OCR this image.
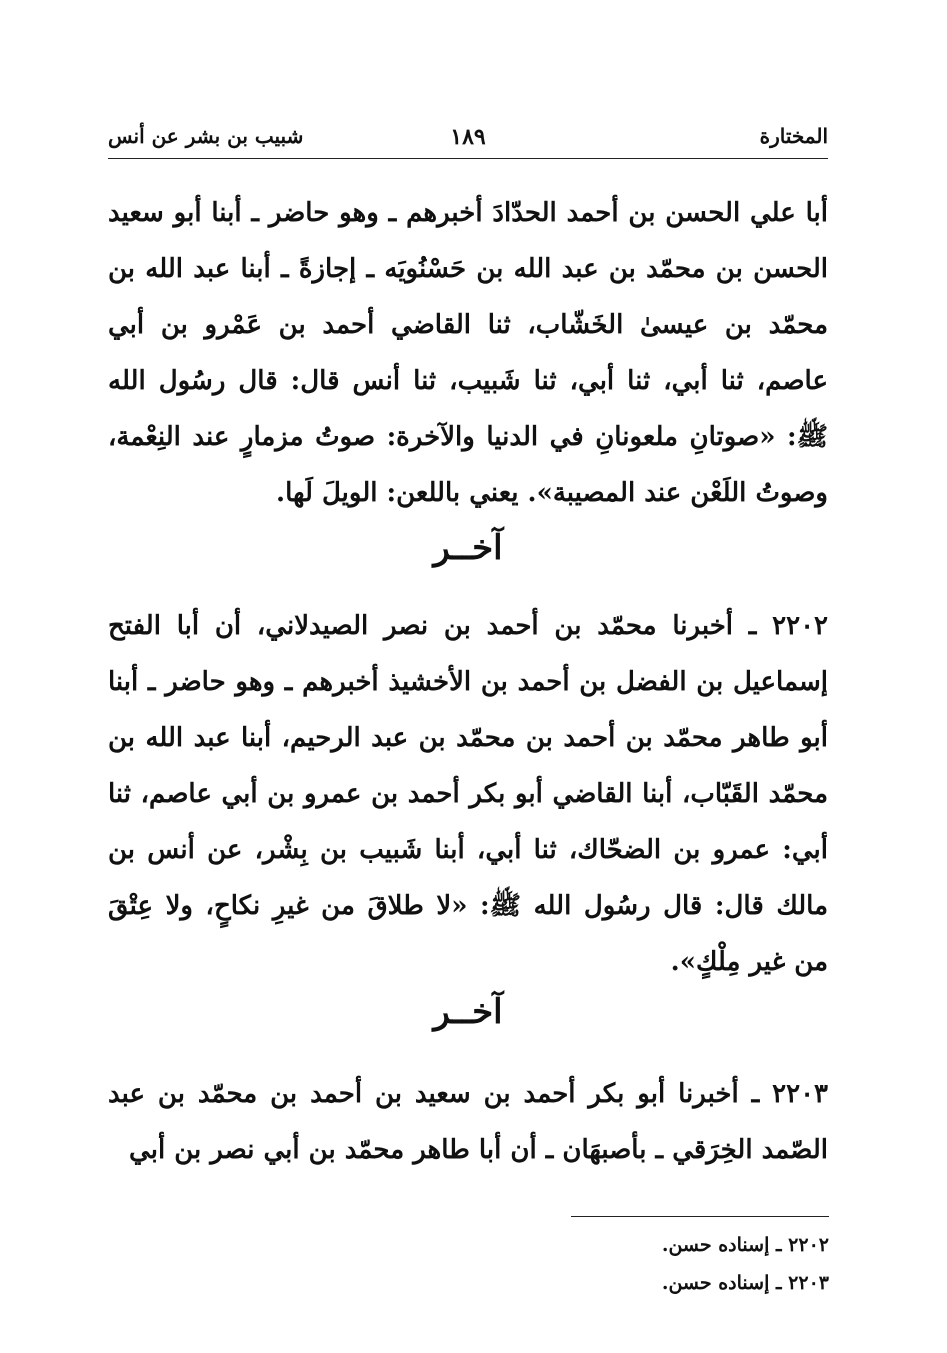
المختارة
١٨٩
شبيب بن بشر عن أنس
أبا علي الحسن بن أحمد الحدّادَ أخبرهم ـ وهو حاضر ـ أبنا أبو سعيد الحسن بن محمّد بن عبد الله بن حَسْنُويَه ـ إجازةً ـ أبنا عبد الله بن محمّد بن عيسىٰ الخَشّاب، ثنا القاضي أحمد بن عَمْرو بن أبي عاصم، ثنا أبي، ثنا أبي، ثنا شَبيب، ثنا أنس قال: قال رسُول الله ﷺ: «صوتانِ ملعونانِ في الدنيا والآخرة: صوتُ مزمارٍ عند النِعْمة، وصوتُ اللَعْن عند المصيبة». يعني باللعن: الويلَ لَها.
آخــر
٢٢٠٢ ـ أخبرنا محمّد بن أحمد بن نصر الصيدلاني، أن أبا الفتح إسماعيل بن الفضل بن أحمد بن الأخشيذ أخبرهم ـ وهو حاضر ـ أبنا أبو طاهر محمّد بن أحمد بن محمّد بن عبد الرحيم، أبنا عبد الله بن محمّد القَبّاب، أبنا القاضي أبو بكر أحمد بن عمرو بن أبي عاصم، ثنا أبي: عمرو بن الضحّاك، ثنا أبي، أبنا شَبيب بن بِشْر، عن أنس بن مالك قال: قال رسُول الله ﷺ: «لا طلاقَ من غيرِ نكاحٍ، ولا عِتْقَ من غير مِلْكٍ».
آخــر
٢٢٠٣ ـ أخبرنا أبو بكر أحمد بن سعيد بن أحمد بن محمّد بن عبد الصّمد الخِرَقي ـ بأصبهَان ـ أن أبا طاهر محمّد بن أبي نصر بن أبي
٢٢٠٢ ـ إسناده حسن.
٢٢٠٣ ـ إسناده حسن.
